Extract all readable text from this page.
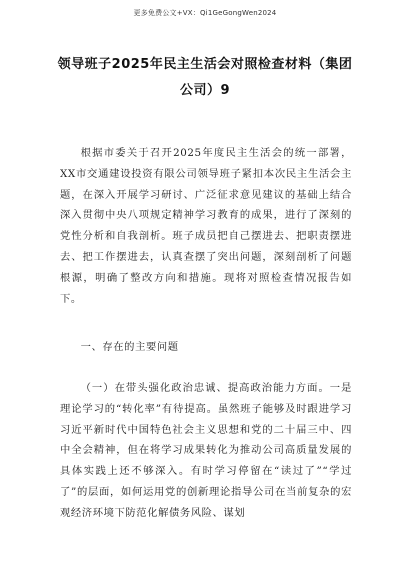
更多免费公文+VX：Qi1GeGongWen2024
领导班子2025年民主生活会对照检查材料（集团公司）9
根据市委关于召开2025年度民主生活会的统一部署，XX市交通建设投资有限公司领导班子紧扣本次民主生活会主题，在深入开展学习研讨、广泛征求意见建议的基础上结合深入贯彻中央八项规定精神学习教育的成果，进行了深刻的党性分析和自我剖析。班子成员把自己摆进去、把职责摆进去、把工作摆进去，认真查摆了突出问题，深刻剖析了问题根源，明确了整改方向和措施。现将对照检查情况报告如下。
一、存在的主要问题
（一）在带头强化政治忠诚、提高政治能力方面。一是理论学习的“转化率”有待提高。虽然班子能够及时跟进学习习近平新时代中国特色社会主义思想和党的二十届三中、四中全会精神，但在将学习成果转化为推动公司高质量发展的具体实践上还不够深入。有时学习停留在“读过了”“学过了”的层面，如何运用党的创新理论指导公司在当前复杂的宏观经济环境下防范化解债务风险、谋划
